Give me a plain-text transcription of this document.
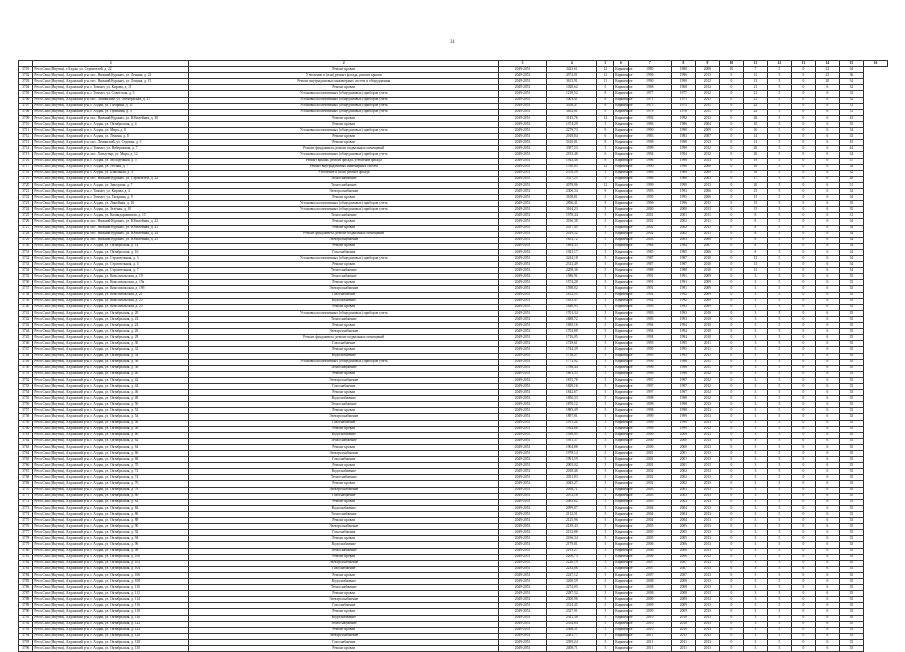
31
	1	2	3	4	5	6	7	8	9	10	11	12	13	14	15	16
3701	Респ.Саха (Якутия), г.Алдан, ул. Строителей, д. 22	Ремонт кровли	2049-2051	3423,61	12	Кирпичное	1980	1980	2008	10	7	5	0	23	34	
3702	Респ.Саха (Якутия), Алданский р-н, пос. Нижний Куранах, ул. Ленина, д. 22	Утепление и (или) ремонт фасада, ремонт крыши	2049-2051	4574,01	12	Кирпичное	1996	1996	2013	0	13	5	0	23	36	
3703	Респ.Саха (Якутия), Алданский р-н, пос. Нижний Куранах, ул. Ленина, д. 15	Ремонт внутридомовых инженерных систем и оборудования	2049-2051	3613,91	11	Кирпичное	1990	1990	2012	0	13	5	0	20	34	
3704	Респ.Саха (Якутия), Алданский р-н, г. Томмот, ул. Кирова, д. 11	Ремонт кровли	2049-2051	1028,62	5	Кирпичное	1968	1968	2012	0	21	5	0	6	32	
3705	Респ.Саха (Якутия), Алданский р-н, г. Томмот, ул. Советская, д. 5	Установка коллективных (общедомовых) приборов учета	2049-2051	1218,52	8	Кирпичное	1977	1977	2012	0	21	5	0	6	32	
3706	Респ.Саха (Якутия), Алданский р-н, пос. Ленинский, ул. Октябрьская, д. 21	Установка коллективных (общедомовых) приборов учета	2049-2051	1003,41	8	Кирпичное	1971	1971	2011	0	21	5	0	6	32	
3707	Респ.Саха (Якутия), Алданский р-н, г. Алдан, ул. Гагарина, д. 11	Установка коллективных (общедомовых) приборов учета	2049-2051	3356,47	6	Кирпичное	1975	1975	2011	0	22	5	0	6	31	
3708	Респ.Саха (Якутия), Алданский р-н, г. Алдан, ул. Пушкина, д. 3	Установка коллективных (общедомовых) приборов учета	2049-2051	3492,61	9	Кирпичное	1978	1978	2011	0	22	5	0	6	31	
3709	Респ.Саха (Якутия), Алданский р-н, пос. Нижний Куранах, ул. Юбилейная, д. 30	Ремонт кровли	2049-2051	3145,76	12	Кирпичное	1992	1992	2013	0	20	5	0	6	43	
3710	Респ.Саха (Якутия), Алданский р-н, г. Алдан, ул. Октябрьская, д. 4	Ремонт кровли	2049-2051	1374,29	5	Кирпичное	1986	1986	2004	0	10	5	0	6	35	
3711	Респ.Саха (Якутия), Алданский р-н, г. Алдан, ул. Мира, д. 8	Установка коллективных (общедомовых) приборов учета	2049-2051	2279,73	9	Кирпичное	1990	1990	2009	0	16	5	0	6	34	
3712	Респ.Саха (Якутия), Алданский р-н, г. Алдан, ул. Ленина, д. 8	Ремонт кровли	2049-2051	2018,84	6	Кирпичное	1983	1983	2007	0	14	5	0	6	33	
3713	Респ.Саха (Якутия), Алданский р-н, пос. Ленинский, ул. Садовая, д. 3	Ремонт кровли	2049-2051	3416,81	8	Кирпичное	1998	1998	2013	0	13	5	0	6	45	
3714	Респ.Саха (Якутия), Алданский р-н, г. Томмот, ул. Набережная, д. 7	Ремонт фундамента, ремонт подвальных помещений	2049-2051	3397,53	5	Кирпичное	1999	1999	2012	0	20	5	0	6	44	
3715	Респ.Саха (Якутия), Алданский р-н, пос. Хатыстыр, ул. Мира, д. 12	Установка коллективных (общедомовых) приборов учета	2049-2051	2193,48	6	Кирпичное	1994	1994	2012	0	20	5	0	6	34	
3716	Респ.Саха (Якутия), Алданский р-н, г. Алдан, ул. Молодежная, д. 5	Ремонт крыши, ремонт фасада, утепление фасада	2049-2051	1943,46	8	Кирпичное	1996	1996	2013	0	19	5	0	6	37	
3717	Респ.Саха (Якутия), Алданский р-н, г. Алдан, ул. Лесная, д. 7	Ремонт внутридомовых инженерных систем	2049-2051	1780,85	12	Кирпичное	1990	1990	2008	0	16	5	0	6	34	
3718	Респ.Саха (Якутия), Алданский р-н, г. Алдан, ул. Школьная, д. 4	Утепление и (или) ремонт фасада	2049-2051	2376,59	5	Кирпичное	1989	1989	2009	0	16	5	0	6	32	
3719	Респ.Саха (Якутия), Алданский р-н, пос. Нижний Куранах, ул. Строителей, д. 24	Теплоснабжение	2049-2051	3317,25	5	Кирпичное	1986	1986	2005	0	17	5	0	6	28	
3720	Респ.Саха (Якутия), Алданский р-н, г. Алдан, ул. Заводская, д. 7	Теплоснабжение	2049-2051	4078,96	12	Кирпичное	1999	1999	2013	0	20	5	0	6	31	
3721	Респ.Саха (Якутия), Алданский р-н, г. Томмот, ул. Кирова, д. 4	Электроснабжение	2049-2051	2306,34	9	Кирпичное	1993	1993	2006	0	15	5	0	6	34	
3722	Респ.Саха (Якутия), Алданский р-н, г. Томмот, ул. Гагарина, д. 9	Ремонт кровли	2049-2051	3108,81	5	Кирпичное	1995	1995	2006	0	15	5	0	6	34	
3723	Респ.Саха (Якутия), Алданский р-н, г. Алдан, ул. Линейная, д. 16	Установка коллективных (общедомовых) приборов учета	2049-2051	2856,41	9	Кирпичное	1996	1996	2011	0	15	5	0	6	35	
3724	Респ.Саха (Якутия), Алданский р-н, г. Алдан, ул. Зелёная, д. 10	Установка коллективных (общедомовых) приборов учета	2049-2051	3164,23	5	Кирпичное	2000	2000	2013	0	15	5	0	6	35	
3725	Респ.Саха (Якутия), Алданский р-н, г. Алдан, ул. Каландаришвили, д. 15	Теплоснабжение	2049-2051	1978,44	5	Кирпичное	2001	2001	2011	0	8	5	0	6	31	
3726	Респ.Саха (Якутия), Алданский р-н, пос. Нижний Куранах, ул. Юбилейная, д. 22	Ремонт кровли	2049-2051	2016,38	5	Кирпичное	2002	2002	2011	0	8	5	0	6	34	
3727	Респ.Саха (Якутия), Алданский р-н, пос. Нижний Куранах, ул. Юбилейная, д. 23	Ремонт кровли	2049-2051	2017,45	5	Кирпичное	2002	2002	2011	0	8	5	0	6	34	
3728	Респ.Саха (Якутия), Алданский р-н, пос. Нижний Куранах, ул. Юбилейная, д. 24	Ремонт фундамента, ремонт подвальных помещений	2049-2051	2019,52	5	Кирпичное	2002	2002	2011	0	8	5	0	6	34	
3729	Респ.Саха (Якутия), Алданский р-н, пос. Нижний Куранах, ул. Юбилейная, д. 25	Электроснабжение	2049-2051	1653,72	5	Кирпичное	2003	2003	2008	0	8	5	0	6	34	
3730	Респ.Саха (Якутия), Алданский р-н, г. Алдан, ул. Октябрьская, д. 14	Ремонт кровли	2049-2051	1894,33	5	Кирпичное	1984	1984	2007	0	8	5	0	6	34	
3731	Респ.Саха (Якутия), Алданский р-н, г. Алдан, ул. Октябрьская, д. 16	Газоснабжение	2049-2051	1923,17	5	Кирпичное	1985	1985	2006	0	8	5	0	6	34	
3732	Респ.Саха (Якутия), Алданский р-н, г. Алдан, ул. Строительная, д. 3	Установка коллективных (общедомовых) приборов учета	2049-2051	2244,18	5	Кирпичное	1987	1987	2010	0	13	5	0	6	34	
3733	Респ.Саха (Якутия), Алданский р-н, г. Алдан, ул. Строительная, д. 5	Ремонт кровли	2049-2051	2312,49	5	Кирпичное	1987	1987	2010	0	13	5	0	6	34	
3734	Респ.Саха (Якутия), Алданский р-н, г. Алдан, ул. Строительная, д. 7	Теплоснабжение	2049-2051	2208,36	5	Кирпичное	1988	1988	2010	0	13	5	0	6	34	
3735	Респ.Саха (Якутия), Алданский р-н, г. Алдан, ул. Комсомольская, д. 19	Теплоснабжение	2049-2051	1586,91	5	Кирпичное	1991	1991	2009	0	3	5	0	6	35	
3736	Респ.Саха (Якутия), Алданский р-н, г. Алдан, ул. Комсомольская, д. 19а	Ремонт кровли	2049-2051	1574,28	5	Кирпичное	1991	1991	2009	0	3	5	0	6	35	
3737	Респ.Саха (Якутия), Алданский р-н, г. Алдан, ул. Комсомольская, д. 19б	Электроснабжение	2049-2051	1598,02	5	Кирпичное	1991	1991	2009	0	3	5	0	6	35	
3738	Респ.Саха (Якутия), Алданский р-н, г. Алдан, ул. Комсомольская, д. 21	Газоснабжение	2049-2051	1612,55	5	Кирпичное	1992	1992	2009	0	3	5	0	6	35	
3739	Респ.Саха (Якутия), Алданский р-н, г. Алдан, ул. Комсомольская, д. 23	Водоснабжение	2049-2051	1633,47	5	Кирпичное	1992	1992	2009	0	3	5	0	6	35	
3740	Респ.Саха (Якутия), Алданский р-н, г. Алдан, ул. Комсомольская, д. 25	Ремонт кровли	2049-2051	1648,93	5	Кирпичное	1993	1993	2009	0	3	5	0	6	35	
3741	Респ.Саха (Якутия), Алданский р-н, г. Алдан, ул. Октябрьская, д. 20	Установка коллективных (общедомовых) приборов учета	2049-2051	1701,34	5	Кирпичное	1993	1993	2010	0	3	5	0	6	35	
3742	Респ.Саха (Якутия), Алданский р-н, г. Алдан, ул. Октябрьская, д. 22	Теплоснабжение	2049-2051	1688,72	5	Кирпичное	1993	1993	2010	0	3	5	0	6	35	
3743	Респ.Саха (Якутия), Алданский р-н, г. Алдан, ул. Октябрьская, д. 24	Ремонт кровли	2049-2051	1695,16	5	Кирпичное	1994	1994	2010	0	3	5	0	6	35	
3744	Респ.Саха (Якутия), Алданский р-н, г. Алдан, ул. Октябрьская, д. 26	Электроснабжение	2049-2051	1702,88	5	Кирпичное	1994	1994	2010	0	3	5	0	6	35	
3745	Респ.Саха (Якутия), Алданский р-н, г. Алдан, ул. Октябрьская, д. 28	Ремонт фундамента, ремонт подвальных помещений	2049-2051	1716,05	5	Кирпичное	1994	1994	2010	0	3	5	0	6	35	
3746	Респ.Саха (Якутия), Алданский р-н, г. Алдан, ул. Октябрьская, д. 30	Газоснабжение	2049-2051	1729,61	5	Кирпичное	1995	1995	2011	0	3	5	0	6	35	
3747	Респ.Саха (Якутия), Алданский р-н, г. Алдан, ул. Октябрьская, д. 32	Ремонт кровли	2049-2051	1744,39	5	Кирпичное	1995	1995	2011	0	3	5	0	6	35	
3748	Респ.Саха (Якутия), Алданский р-н, г. Алдан, ул. Октябрьская, д. 34	Водоснабжение	2049-2051	1758,27	5	Кирпичное	1995	1995	2011	0	3	5	0	6	35	
3749	Респ.Саха (Якутия), Алданский р-н, г. Алдан, ул. Октябрьская, д. 36	Установка коллективных (общедомовых) приборов учета	2049-2051	1773,92	5	Кирпичное	1996	1996	2011	0	3	5	0	6	35	
3750	Респ.Саха (Якутия), Алданский р-н, г. Алдан, ул. Октябрьская, д. 38	Теплоснабжение	2049-2051	1786,44	5	Кирпичное	1996	1996	2011	0	3	5	0	6	35	
3751	Респ.Саха (Якутия), Алданский р-н, г. Алдан, ул. Октябрьская, д. 40	Ремонт кровли	2049-2051	1801,53	5	Кирпичное	1996	1996	2012	0	3	5	0	6	35	
3752	Респ.Саха (Якутия), Алданский р-н, г. Алдан, ул. Октябрьская, д. 42	Электроснабжение	2049-2051	1815,78	5	Кирпичное	1997	1997	2012	0	3	5	0	6	35	
3753	Респ.Саха (Якутия), Алданский р-н, г. Алдан, ул. Октябрьская, д. 44	Газоснабжение	2049-2051	1829,16	5	Кирпичное	1997	1997	2012	0	3	5	0	6	35	
3754	Респ.Саха (Якутия), Алданский р-н, г. Алдан, ул. Октябрьская, д. 46	Ремонт кровли	2049-2051	1842,67	5	Кирпичное	1997	1997	2012	0	3	5	0	6	35	
3755	Респ.Саха (Якутия), Алданский р-н, г. Алдан, ул. Октябрьская, д. 48	Водоснабжение	2049-2051	1856,33	5	Кирпичное	1998	1998	2012	0	3	5	0	6	35	
3756	Респ.Саха (Якутия), Алданский р-н, г. Алдан, ул. Октябрьская, д. 50	Теплоснабжение	2049-2051	1870,12	5	Кирпичное	1998	1998	2013	0	3	5	0	6	35	
3757	Респ.Саха (Якутия), Алданский р-н, г. Алдан, ул. Октябрьская, д. 52	Ремонт кровли	2049-2051	1883,49	5	Кирпичное	1998	1998	2013	0	3	5	0	6	35	
3758	Респ.Саха (Якутия), Алданский р-н, г. Алдан, ул. Октябрьская, д. 54	Электроснабжение	2049-2051	1897,81	5	Кирпичное	1999	1999	2013	0	3	5	0	6	35	
3759	Респ.Саха (Якутия), Алданский р-н, г. Алдан, ул. Октябрьская, д. 56	Газоснабжение	2049-2051	1911,24	5	Кирпичное	1999	1999	2013	0	3	5	0	6	35	
3760	Респ.Саха (Якутия), Алданский р-н, г. Алдан, ул. Октябрьская, д. 58	Ремонт кровли	2049-2051	1924,66	5	Кирпичное	1999	1999	2013	0	3	5	0	6	35	
3761	Респ.Саха (Якутия), Алданский р-н, г. Алдан, ул. Октябрьская, д. 60	Водоснабжение	2049-2051	1938,05	5	Кирпичное	2000	2000	2013	0	3	5	0	6	35	
3762	Респ.Саха (Якутия), Алданский р-н, г. Алдан, ул. Октябрьская, д. 62	Теплоснабжение	2049-2051	1951,37	5	Кирпичное	2000	2000	2013	0	3	5	0	6	35	
3763	Респ.Саха (Якутия), Алданский р-н, г. Алдан, ул. Октябрьская, д. 64	Ремонт кровли	2049-2051	1964,88	5	Кирпичное	2000	2000	2013	0	3	5	0	6	35	
3764	Респ.Саха (Якутия), Алданский р-н, г. Алдан, ул. Октябрьская, д. 66	Электроснабжение	2049-2051	1978,14	5	Кирпичное	2001	2001	2013	0	3	5	0	6	35	
3765	Респ.Саха (Якутия), Алданский р-н, г. Алдан, ул. Октябрьская, д. 68	Газоснабжение	2049-2051	1991,59	5	Кирпичное	2001	2001	2013	0	3	5	0	6	35	
3766	Респ.Саха (Якутия), Алданский р-н, г. Алдан, ул. Октябрьская, д. 70	Ремонт кровли	2049-2051	2005,02	5	Кирпичное	2001	2001	2013	0	3	5	0	6	35	
3767	Респ.Саха (Якутия), Алданский р-н, г. Алдан, ул. Октябрьская, д. 72	Водоснабжение	2049-2051	2018,46	5	Кирпичное	2002	2002	2013	0	3	5	0	6	35	
3768	Респ.Саха (Якутия), Алданский р-н, г. Алдан, ул. Октябрьская, д. 74	Теплоснабжение	2049-2051	2031,83	5	Кирпичное	2002	2002	2013	0	3	5	0	6	35	
3769	Респ.Саха (Якутия), Алданский р-н, г. Алдан, ул. Октябрьская, д. 76	Ремонт кровли	2049-2051	2045,27	5	Кирпичное	2002	2002	2013	0	3	5	0	6	35	
3770	Респ.Саха (Якутия), Алданский р-н, г. Алдан, ул. Октябрьская, д. 78	Электроснабжение	2049-2051	2058,71	5	Кирпичное	2003	2003	2013	0	3	5	0	6	35	
3771	Респ.Саха (Якутия), Алданский р-н, г. Алдан, ул. Октябрьская, д. 80	Газоснабжение	2049-2051	2072,18	5	Кирпичное	2003	2003	2013	0	3	5	0	6	35	
3772	Респ.Саха (Якутия), Алданский р-н, г. Алдан, ул. Октябрьская, д. 82	Ремонт кровли	2049-2051	2085,62	5	Кирпичное	2003	2003	2013	0	3	5	0	6	35	
3773	Респ.Саха (Якутия), Алданский р-н, г. Алдан, ул. Октябрьская, д. 84	Водоснабжение	2049-2051	2099,07	5	Кирпичное	2004	2004	2013	0	3	5	0	6	35	
3774	Респ.Саха (Якутия), Алданский р-н, г. Алдан, ул. Октябрьская, д. 86	Теплоснабжение	2049-2051	2112,51	5	Кирпичное	2004	2004	2013	0	3	5	0	6	35	
3775	Респ.Саха (Якутия), Алданский р-н, г. Алдан, ул. Октябрьская, д. 88	Ремонт кровли	2049-2051	2125,96	5	Кирпичное	2004	2004	2013	0	3	5	0	6	35	
3776	Респ.Саха (Якутия), Алданский р-н, г. Алдан, ул. Октябрьская, д. 90	Электроснабжение	2049-2051	2139,43	5	Кирпичное	2005	2005	2013	0	3	5	0	6	35	
3777	Респ.Саха (Якутия), Алданский р-н, г. Алдан, ул. Октябрьская, д. 92	Газоснабжение	2049-2051	2152,88	5	Кирпичное	2005	2005	2013	0	3	5	0	6	35	
3778	Респ.Саха (Якутия), Алданский р-н, г. Алдан, ул. Октябрьская, д. 94	Ремонт кровли	2049-2051	2166,34	5	Кирпичное	2005	2005	2013	0	3	5	0	6	35	
3779	Респ.Саха (Якутия), Алданский р-н, г. Алдан, ул. Октябрьская, д. 96	Водоснабжение	2049-2051	2179,81	5	Кирпичное	2006	2006	2013	0	3	5	0	6	35	
3780	Респ.Саха (Якутия), Алданский р-н, г. Алдан, ул. Октябрьская, д. 98	Теплоснабжение	2049-2051	2193,27	5	Кирпичное	2006	2006	2013	0	3	5	0	6	35	
3781	Респ.Саха (Якутия), Алданский р-н, г. Алдан, ул. Октябрьская, д. 100	Ремонт кровли	2049-2051	2206,73	5	Кирпичное	2006	2006	2013	0	3	5	0	6	35	
3782	Респ.Саха (Якутия), Алданский р-н, г. Алдан, ул. Октябрьская, д. 102	Электроснабжение	2049-2051	2220,19	5	Кирпичное	2007	2007	2013	0	3	5	0	6	35	
3783	Респ.Саха (Якутия), Алданский р-н, г. Алдан, ул. Октябрьская, д. 104	Газоснабжение	2049-2051	2233,66	5	Кирпичное	2007	2007	2013	0	3	5	0	6	35	
3784	Респ.Саха (Якутия), Алданский р-н, г. Алдан, ул. Октябрьская, д. 106	Ремонт кровли	2049-2051	2247,12	5	Кирпичное	2007	2007	2013	0	3	5	0	6	35	
3785	Респ.Саха (Якутия), Алданский р-н, г. Алдан, ул. Октябрьская, д. 108	Водоснабжение	2049-2051	2260,59	5	Кирпичное	2008	2008	2013	0	3	5	0	6	35	
3786	Респ.Саха (Якутия), Алданский р-н, г. Алдан, ул. Октябрьская, д. 110	Теплоснабжение	2049-2051	2274,05	5	Кирпичное	2008	2008	2013	0	3	5	0	6	35	
3787	Респ.Саха (Якутия), Алданский р-н, г. Алдан, ул. Октябрьская, д. 112	Ремонт кровли	2049-2051	2287,52	5	Кирпичное	2008	2008	2013	0	3	5	0	6	35	
3788	Респ.Саха (Якутия), Алданский р-н, г. Алдан, ул. Октябрьская, д. 114	Электроснабжение	2049-2051	2300,98	5	Кирпичное	2009	2009	2013	0	3	5	0	6	35	
3789	Респ.Саха (Якутия), Алданский р-н, г. Алдан, ул. Октябрьская, д. 116	Газоснабжение	2049-2051	2314,45	5	Кирпичное	2009	2009	2013	0	3	5	0	6	35	
3790	Респ.Саха (Якутия), Алданский р-н, г. Алдан, ул. Октябрьская, д. 118	Ремонт кровли	2049-2051	2327,91	5	Кирпичное	2009	2009	2013	0	3	5	0	6	35	
3791	Респ.Саха (Якутия), Алданский р-н, г. Алдан, ул. Октябрьская, д. 120	Водоснабжение	2049-2051	2341,38	5	Кирпичное	2010	2010	2013	0	3	5	0	6	35	
3792	Респ.Саха (Якутия), Алданский р-н, г. Алдан, ул. Октябрьская, д. 122	Теплоснабжение	2049-2051	2354,84	5	Кирпичное	2010	2010	2013	0	3	5	0	6	35	
3793	Респ.Саха (Якутия), Алданский р-н, г. Алдан, ул. Октябрьская, д. 124	Ремонт кровли	2049-2051	2368,31	5	Кирпичное	2010	2010	2013	0	3	5	0	6	35	
3794	Респ.Саха (Якутия), Алданский р-н, г. Алдан, ул. Октябрьская, д. 126	Электроснабжение	2049-2051	2381,77	5	Кирпичное	2011	2011	2013	0	3	5	0	6	35	
3795	Респ.Саха (Якутия), Алданский р-н, г. Алдан, ул. Октябрьская, д. 128	Газоснабжение	2049-2051	2395,24	5	Кирпичное	2011	2011	2013	0	3	5	0	6	35	
3796	Респ.Саха (Якутия), Алданский р-н, г. Алдан, ул. Октябрьская, д. 130	Ремонт кровли	2049-2051	2408,71	5	Кирпичное	2011	2011	2013	0	3	5	0	6	35	
